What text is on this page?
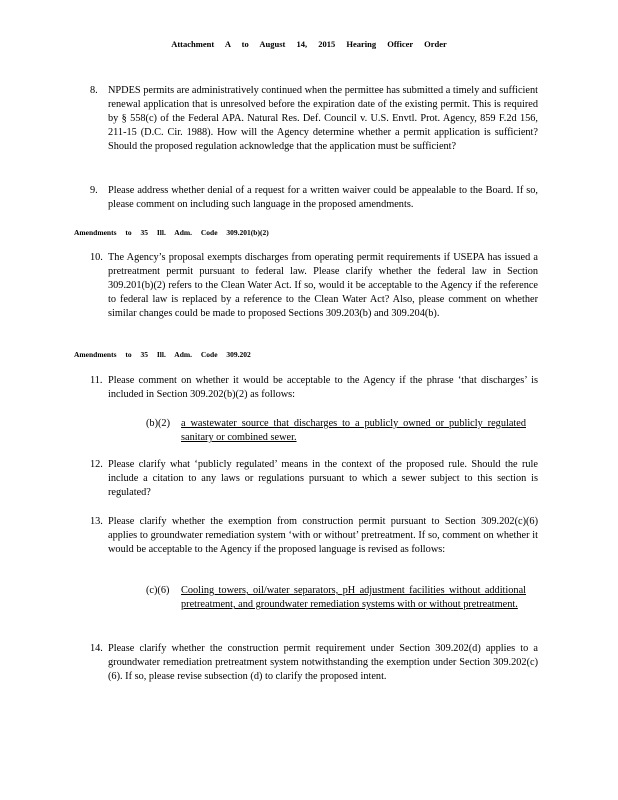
Attachment A to August 14, 2015 Hearing Officer Order
8. NPDES permits are administratively continued when the permittee has submitted a timely and sufficient renewal application that is unresolved before the expiration date of the existing permit. This is required by § 558(c) of the Federal APA. Natural Res. Def. Council v. U.S. Envtl. Prot. Agency, 859 F.2d 156, 211-15 (D.C. Cir. 1988). How will the Agency determine whether a permit application is sufficient? Should the proposed regulation acknowledge that the application must be sufficient?
9. Please address whether denial of a request for a written waiver could be appealable to the Board. If so, please comment on including such language in the proposed amendments.
Amendments to 35 Ill. Adm. Code 309.201(b)(2)
10. The Agency’s proposal exempts discharges from operating permit requirements if USEPA has issued a pretreatment permit pursuant to federal law. Please clarify whether the federal law in Section 309.201(b)(2) refers to the Clean Water Act. If so, would it be acceptable to the Agency if the reference to federal law is replaced by a reference to the Clean Water Act? Also, please comment on whether similar changes could be made to proposed Sections 309.203(b) and 309.204(b).
Amendments to 35 Ill. Adm. Code 309.202
11. Please comment on whether it would be acceptable to the Agency if the phrase ‘that discharges’ is included in Section 309.202(b)(2) as follows:
(b)(2) a wastewater source that discharges to a publicly owned or publicly regulated sanitary or combined sewer.
12. Please clarify what ‘publicly regulated’ means in the context of the proposed rule. Should the rule include a citation to any laws or regulations pursuant to which a sewer subject to this section is regulated?
13. Please clarify whether the exemption from construction permit pursuant to Section 309.202(c)(6) applies to groundwater remediation system ‘with or without’ pretreatment. If so, comment on whether it would be acceptable to the Agency if the proposed language is revised as follows:
(c)(6) Cooling towers, oil/water separators, pH adjustment facilities without additional pretreatment, and groundwater remediation systems with or without pretreatment.
14. Please clarify whether the construction permit requirement under Section 309.202(d) applies to a groundwater remediation pretreatment system notwithstanding the exemption under Section 309.202(c)(6). If so, please revise subsection (d) to clarify the proposed intent.
